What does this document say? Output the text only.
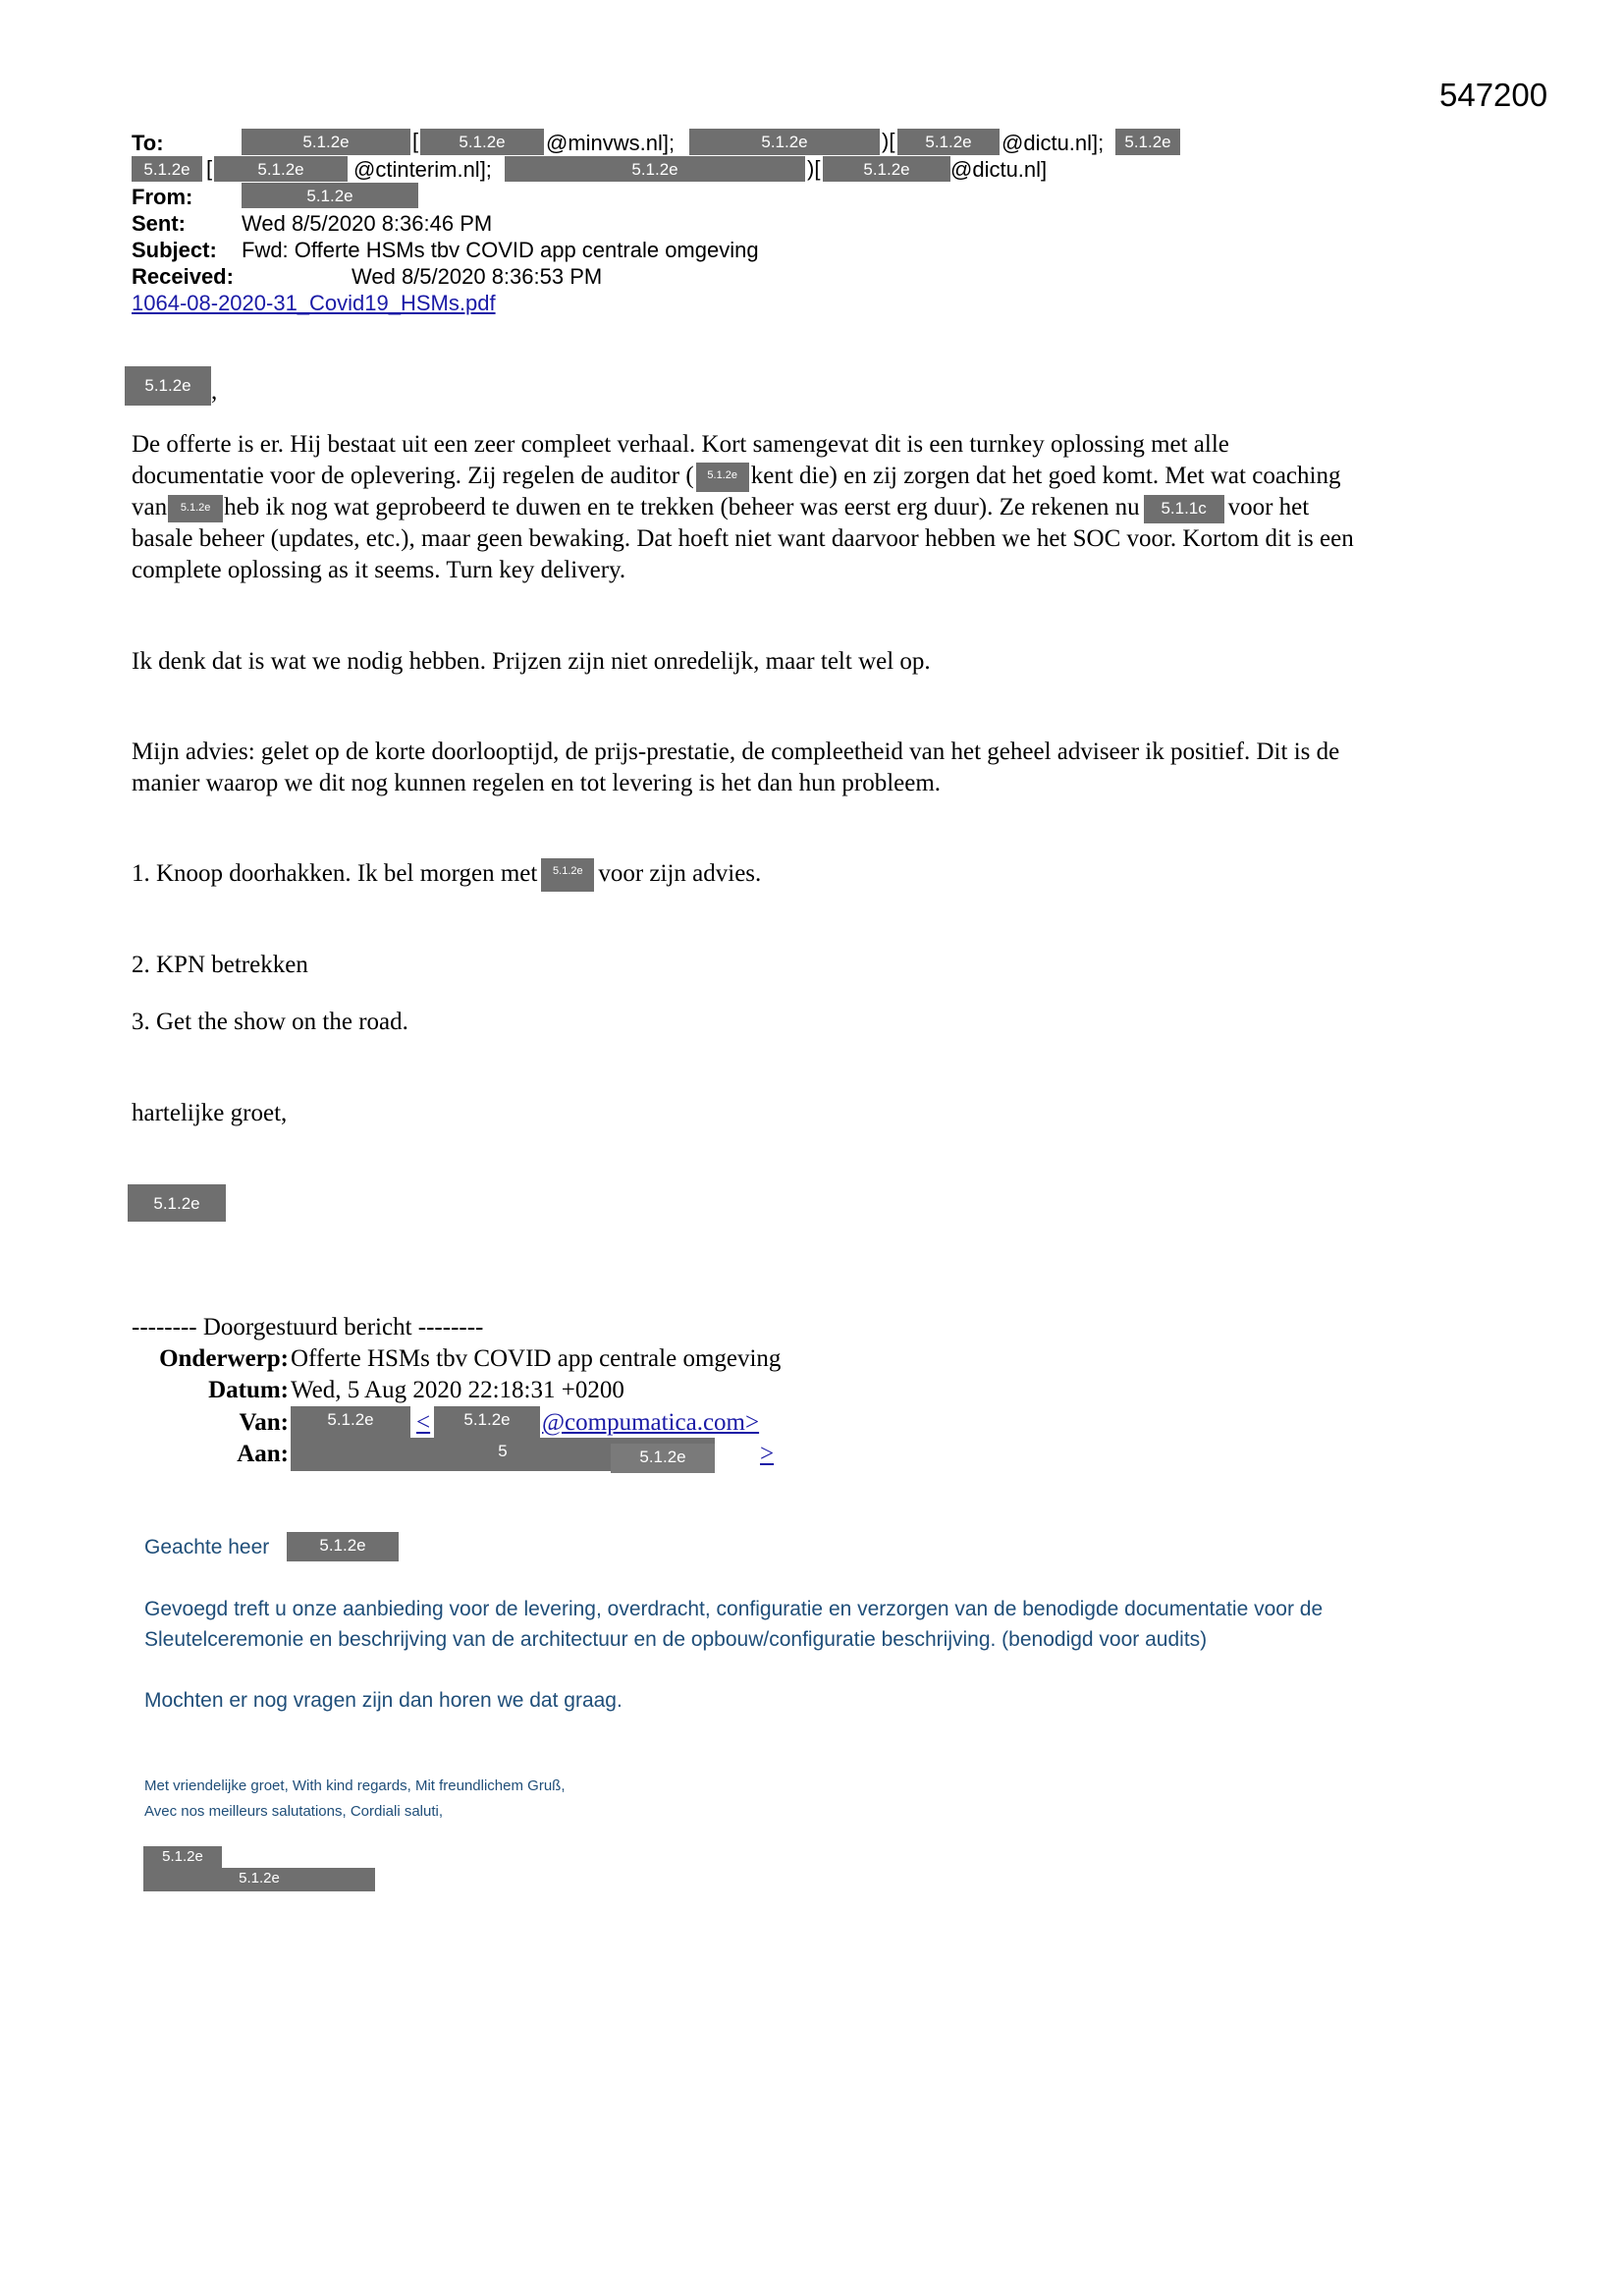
547200
To:	5.1.2e	[	5.1.2e	@minvws.nl];	5.1.2e	)[	5.1.2e	@dictu.nl];	5.1.2e
5.1.2e [	5.1.2e	@ctinterim.nl];	5.1.2e	)[	5.1.2e	@dictu.nl]
From:	5.1.2e
Sent:	Wed 8/5/2020 8:36:46 PM
Subject: Fwd: Offerte HSMs tbv COVID app centrale omgeving
Received:	Wed 8/5/2020 8:36:53 PM
1064-08-2020-31_Covid19_HSMs.pdf
5.1.2e ,
De offerte is er. Hij bestaat uit een zeer compleet verhaal. Kort samengevat dit is een turnkey oplossing met alle
documentatie voor de oplevering. Zij regelen de auditor ( 5.1.2e kent die) en zij zorgen dat het goed komt. Met wat coaching
van 5.1.2e heb ik nog wat geprobeerd te duwen en te trekken (beheer was eerst erg duur). Ze rekenen nu 5.1.1c voor het
basale beheer (updates, etc.), maar geen bewaking. Dat hoeft niet want daarvoor hebben we het SOC voor. Kortom dit is een
complete oplossing as it seems. Turn key delivery.
Ik denk dat is wat we nodig hebben. Prijzen zijn niet onredelijk, maar telt wel op.
Mijn advies: gelet op de korte doorlooptijd, de prijs-prestatie, de compleetheid van het geheel adviseer ik positief. Dit is de
manier waarop we dit nog kunnen regelen en tot levering is het dan hun probleem.
1. Knoop doorhakken. Ik bel morgen met 5.1.2e voor zijn advies.
2. KPN betrekken
3. Get the show on the road.
hartelijke groet,
5.1.2e
-------- Doorgestuurd bericht --------
Onderwerp: Offerte HSMs tbv COVID app centrale omgeving
Datum: Wed, 5 Aug 2020 22:18:31 +0200
Van:	5.1.2e	<	5.1.2e	@compumatica.com>
Aan:	5	5.1.2e	>
Geachte heer	5.1.2e
Gevoegd treft u onze aanbieding voor de levering, overdracht, configuratie en verzorgen van de benodigde documentatie voor de
Sleutelceremonie en beschrijving van de architectuur en de opbouw/configuratie beschrijving. (benodigd voor audits)
Mochten er nog vragen zijn dan horen we dat graag.
Met vriendelijke groet, With kind regards, Mit freundlichem Gruß,
Avec nos meilleurs salutations, Cordiali saluti,
5.1.2e
5.1.2e
